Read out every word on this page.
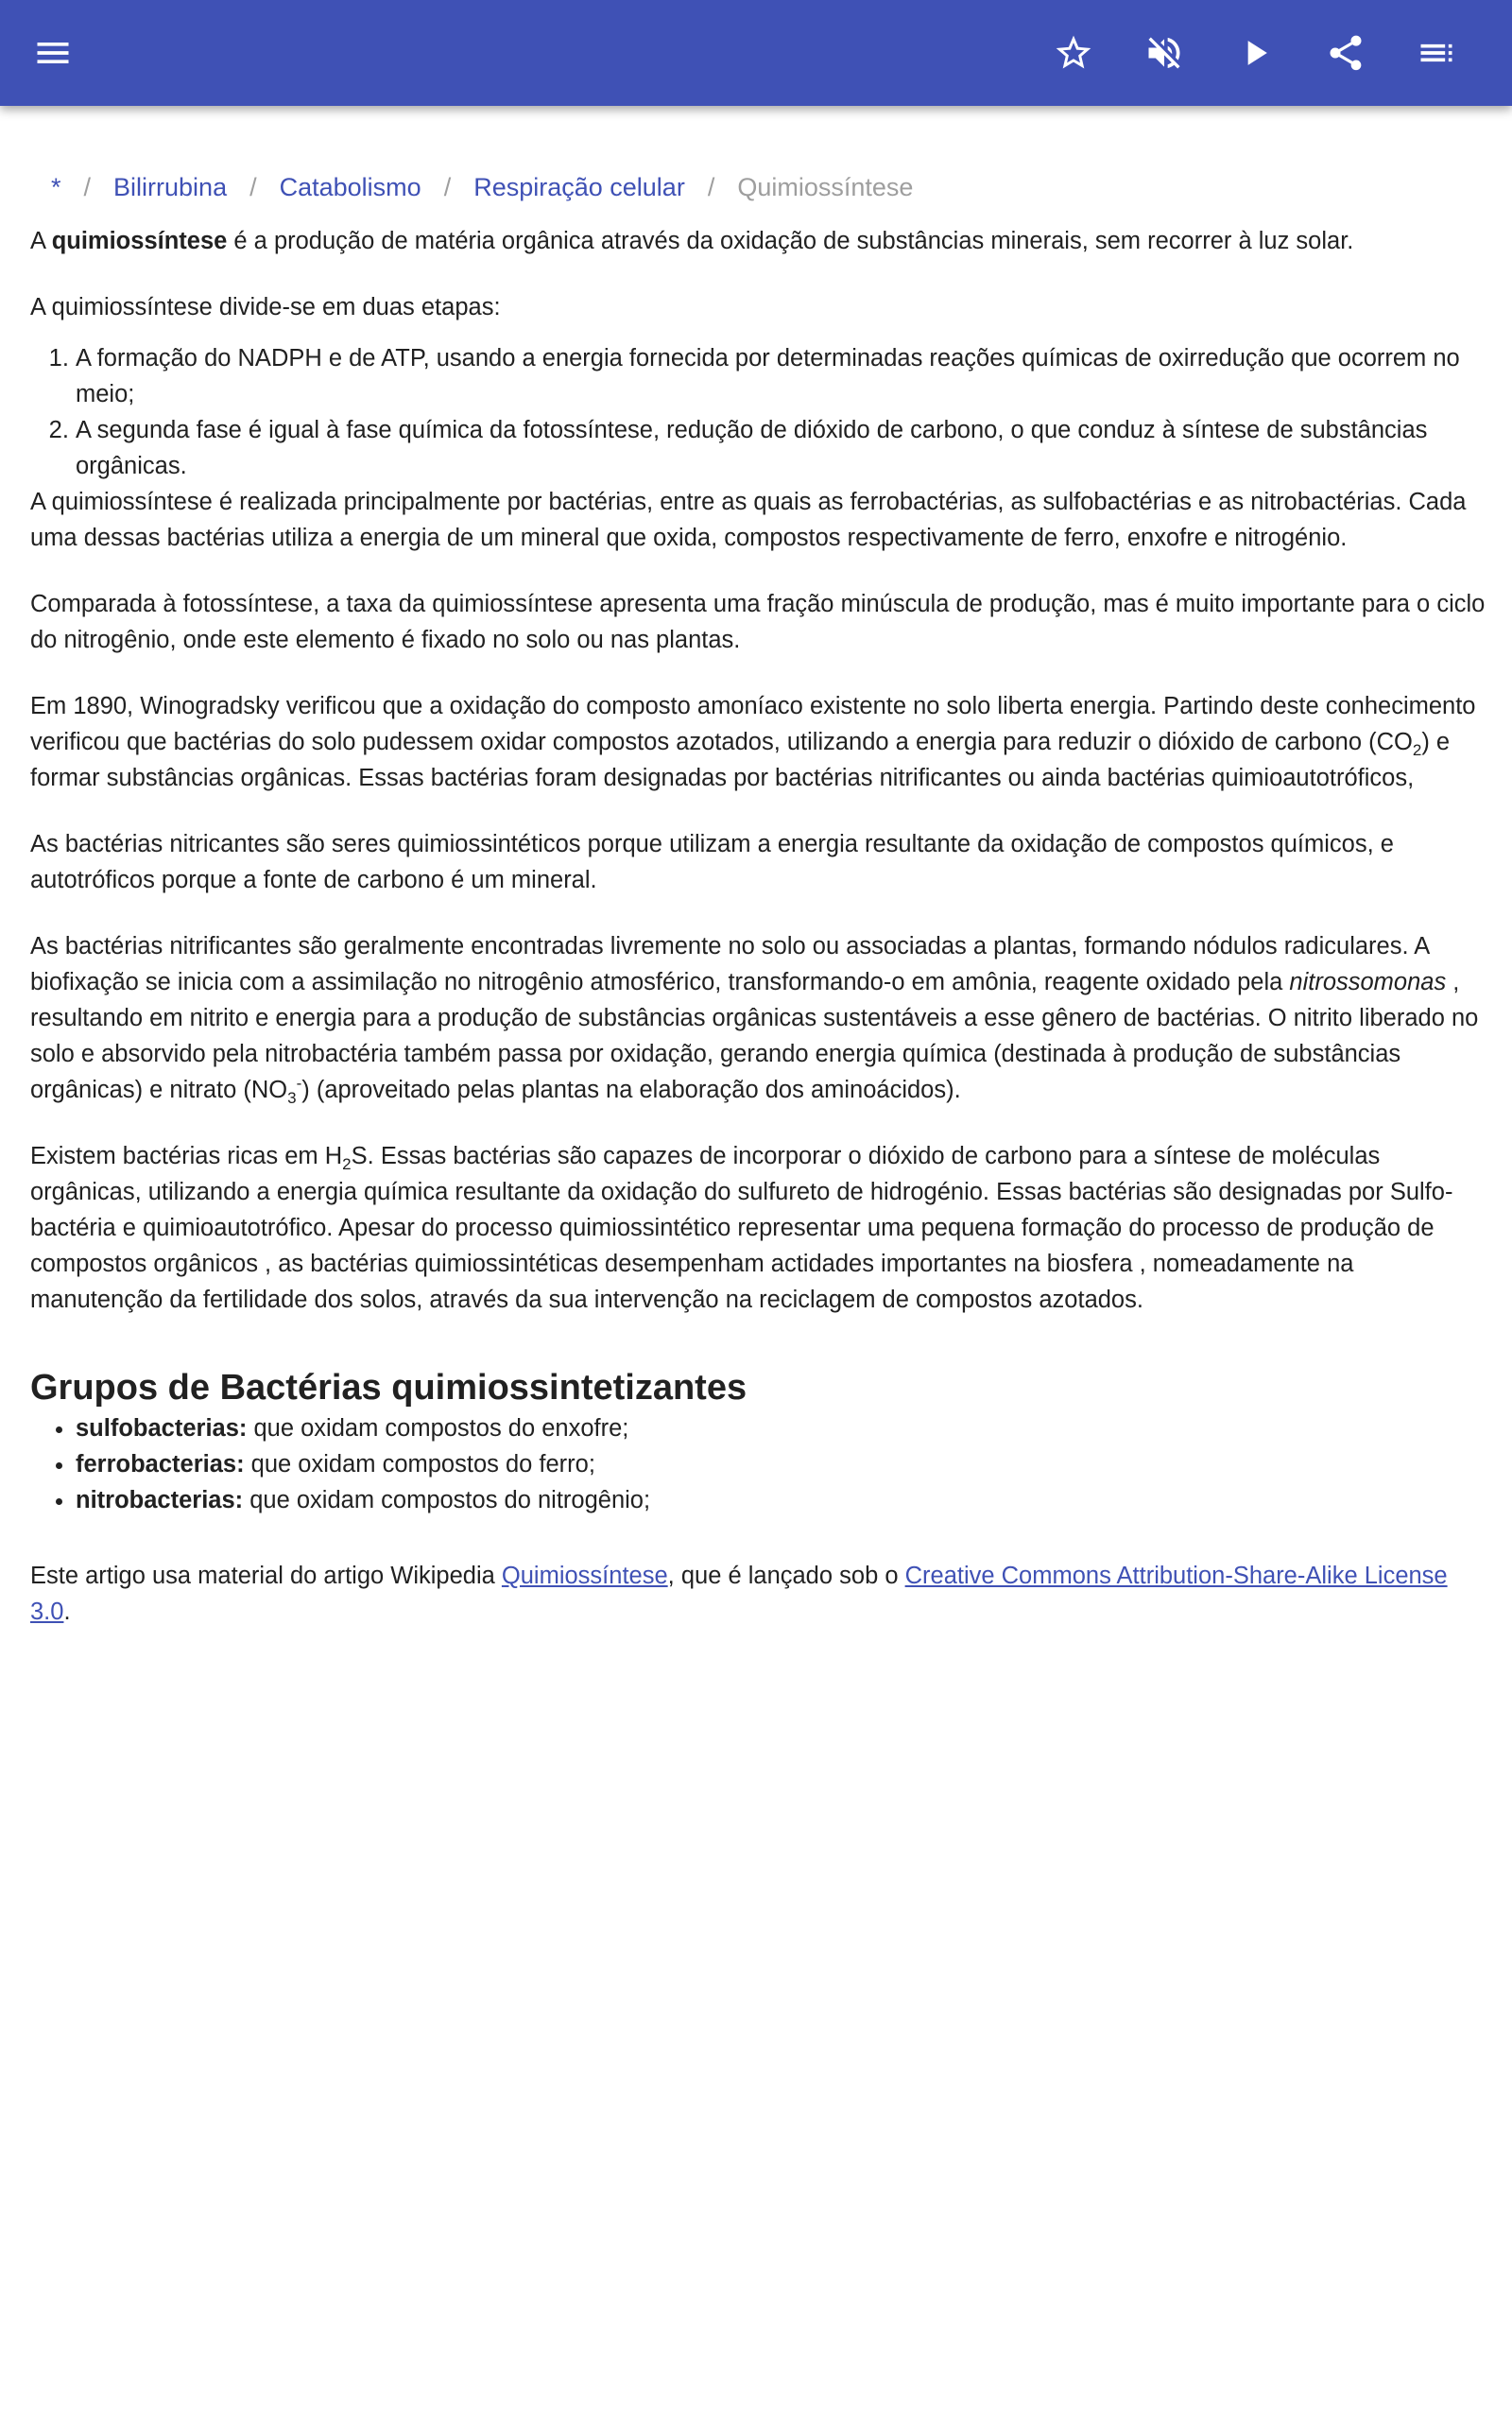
* / Bilirrubina / Catabolismo / Respiração celular / Quimiossíntese

A quimiossíntese é a produção de matéria orgânica através da oxidação de substâncias minerais, sem recorrer à luz solar.

A quimiossíntese divide-se em duas etapas:

1. A formação do NADPH e de ATP, usando a energia fornecida por determinadas reações químicas de oxirredução que ocorrem no meio;
2. A segunda fase é igual à fase química da fotossíntese, redução de dióxido de carbono, o que conduz à síntese de substâncias orgânicas.

A quimiossíntese é realizada principalmente por bactérias, entre as quais as ferrobactérias, as sulfobactérias e as nitrobactérias. Cada uma dessas bactérias utiliza a energia de um mineral que oxida, compostos respectivamente de ferro, enxofre e nitrogénio.

Comparada à fotossíntese, a taxa da quimiossíntese apresenta uma fração minúscula de produção, mas é muito importante para o ciclo do nitrogênio, onde este elemento é fixado no solo ou nas plantas.

Em 1890, Winogradsky verificou que a oxidação do composto amoníaco existente no solo liberta energia. Partindo deste conhecimento verificou que bactérias do solo pudessem oxidar compostos azotados, utilizando a energia para reduzir o dióxido de carbono $(CO_2)$ e formar substâncias orgânicas. Essas bactérias foram designadas por bactérias nitrificantes ou ainda bactérias quimioautotróficos,

As bactérias nitricantes são seres quimiossintéticos porque utilizam a energia resultante da oxidação de compostos químicos, e autotróficos porque a fonte de carbono é um mineral.

As bactérias nitrificantes são geralmente encontradas livremente no solo ou associadas a plantas, formando nódulos radiculares. A biofixação se inicia com a assimilação no nitrogênio atmosférico, transformando-o em amônia, reagente oxidado pela nitrossomonas , resultando em nitrito e energia para a produção de substâncias orgânicas sustentáveis a esse gênero de bactérias. O nitrito liberado no solo e absorvido pela nitrobactéria também passa por oxidação, gerando energia química (destinada à produção de substâncias orgânicas) e nitrato $(NO_3^-)$ (aproveitado pelas plantas na elaboração dos aminoácidos).

Existem bactérias ricas em $H_2S$. Essas bactérias são capazes de incorporar o dióxido de carbono para a síntese de moléculas orgânicas, utilizando a energia química resultante da oxidação do sulfureto de hidrogénio. Essas bactérias são designadas por Sulfo-bactéria e quimioautotrófico. Apesar do processo quimiossintético representar uma pequena formação do processo de produção de compostos orgânicos , as bactérias quimiossintéticas desempenham actidades importantes na biosfera , nomeadamente na manutenção da fertilidade dos solos, através da sua intervenção na reciclagem de compostos azotados.

Grupos de Bactérias quimiossintetizantes
• sulfobacterias: que oxidam compostos do enxofre;
• ferrobacterias: que oxidam compostos do ferro;
• nitrobacterias: que oxidam compostos do nitrogênio;

Este artigo usa material do artigo Wikipedia Quimiossíntese, que é lançado sob o Creative Commons Attribution-Share-Alike License 3.0.
